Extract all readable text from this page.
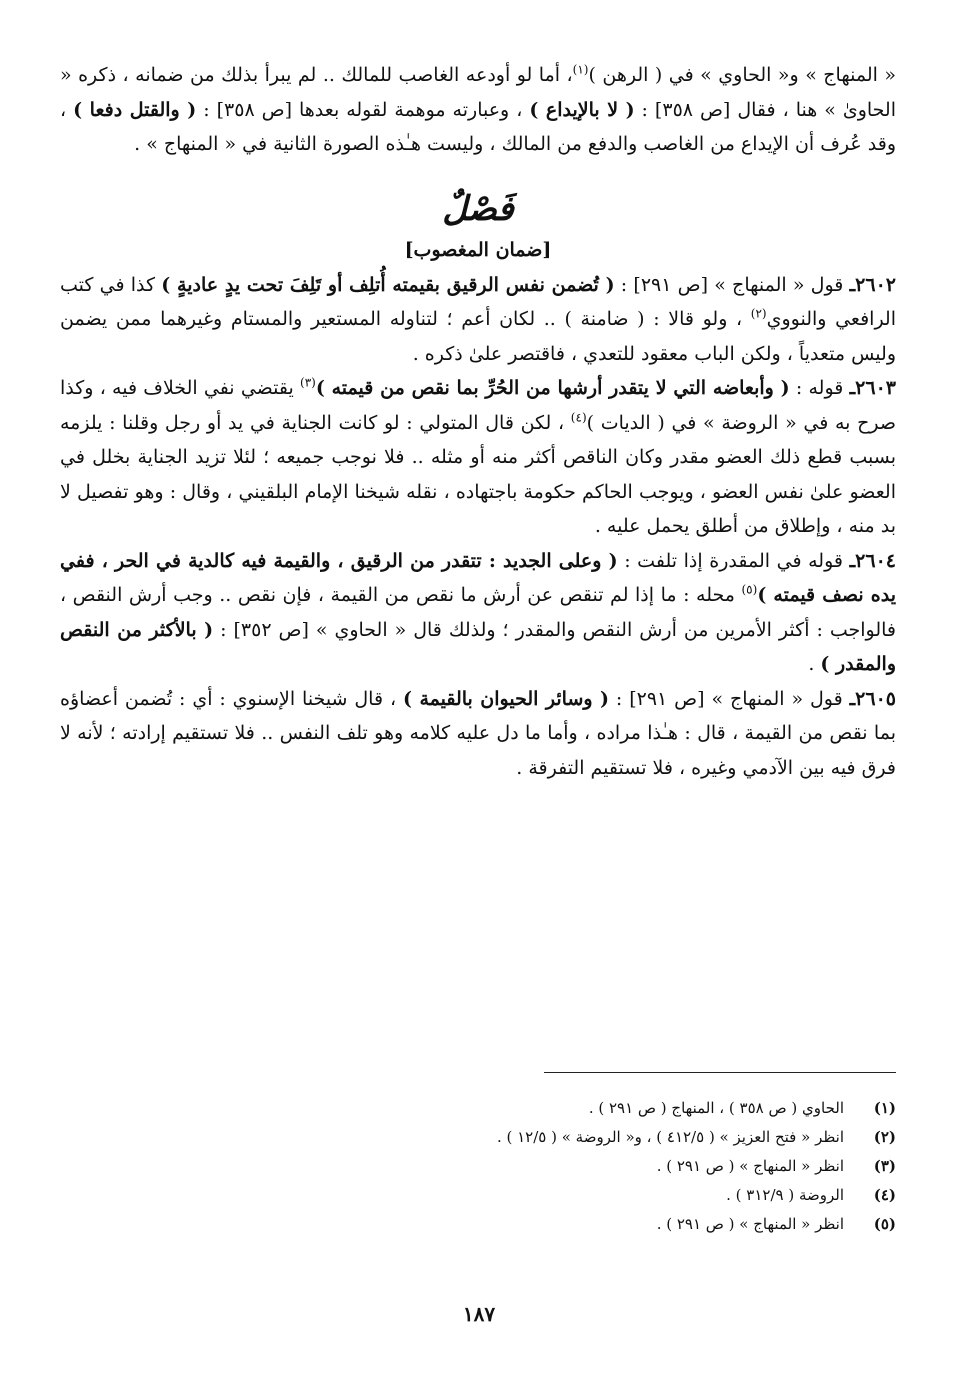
« المنهاج » و« الحاوي » في ( الرهن )$^{(١)}$، أما لو أودعه الغاصب للمالك .. لم يبرأ بذلك من ضمانه ، ذكره « الحاوىٰ » هنا ، فقال [ص ٣٥٨] : ( لا بالإيداع ) ، وعبارته موهمة لقوله بعدها [ص ٣٥٨] : ( والقتل دفعا ) ، وقد عُرف أن الإيداع من الغاصب والدفع من المالك ، وليست هـٰذه الصورة الثانية في « المنهاج » .

فَصْلٌ
[ضمان المغصوب]

٢٦٠٢ـ قول « المنهاج » [ص ٢٩١] : ( تُضمن نفس الرقيق بقيمته أُتلِف أو تَلِفَ تحت يدٍ عاديةٍ ) كذا في كتب الرافعي والنووي$^{(٢)}$ ، ولو قالا : ( ضامنة ) .. لكان أعم ؛ لتناوله المستعير والمستام وغيرهما ممن يضمن وليس متعدياً ، ولكن الباب معقود للتعدي ، فاقتصر علىٰ ذكره .

٢٦٠٣ـ قوله : ( وأبعاضه التي لا يتقدر أرشها من الحُرِّ بما نقص من قيمته )$^{(٣)}$ يقتضي نفي الخلاف فيه ، وكذا صرح به في « الروضة » في ( الديات )$^{(٤)}$ ، لكن قال المتولي : لو كانت الجناية في يد أو رجل وقلنا : يلزمه بسبب قطع ذلك العضو مقدر وكان الناقص أكثر منه أو مثله .. فلا نوجب جميعه ؛ لئلا تزيد الجناية بخلل في العضو علىٰ نفس العضو ، ويوجب الحاكم حكومة باجتهاده ، نقله شيخنا الإمام البلقيني ، وقال : وهو تفصيل لا بد منه ، وإطلاق من أطلق يحمل عليه .

٢٦٠٤ـ قوله في المقدرة إذا تلفت : ( وعلى الجديد : تتقدر من الرقيق ، والقيمة فيه كالدية في الحر ، ففي يده نصف قيمته )$^{(٥)}$ محله : ما إذا لم تنقص عن أرش ما نقص من القيمة ، فإن نقص .. وجب أرش النقص ، فالواجب : أكثر الأمرين من أرش النقص والمقدر ؛ ولذلك قال « الحاوي » [ص ٣٥٢] : ( بالأكثر من النقص والمقدر ) .

٢٦٠٥ـ قول « المنهاج » [ص ٢٩١] : ( وسائر الحيوان بالقيمة ) ، قال شيخنا الإسنوي : أي : تُضمن أعضاؤه بما نقص من القيمة ، قال : هـٰذا مراده ، وأما ما دل عليه كلامه وهو تلف النفس .. فلا تستقيم إرادته ؛ لأنه لا فرق فيه بين الآدمي وغيره ، فلا تستقيم التفرقة .

(١)
الحاوي ( ص ٣٥٨ ) ، المنهاج ( ص ٢٩١ ) .
(٢)
انظر « فتح العزيز » ( ٤١٢/٥ ) ، و« الروضة » ( ١٢/٥ ) .
(٣)
انظر « المنهاج » ( ص ٢٩١ ) .
(٤)
الروضة ( ٣١٢/٩ ) .
(٥)
انظر « المنهاج » ( ص ٢٩١ ) .
١٨٧
